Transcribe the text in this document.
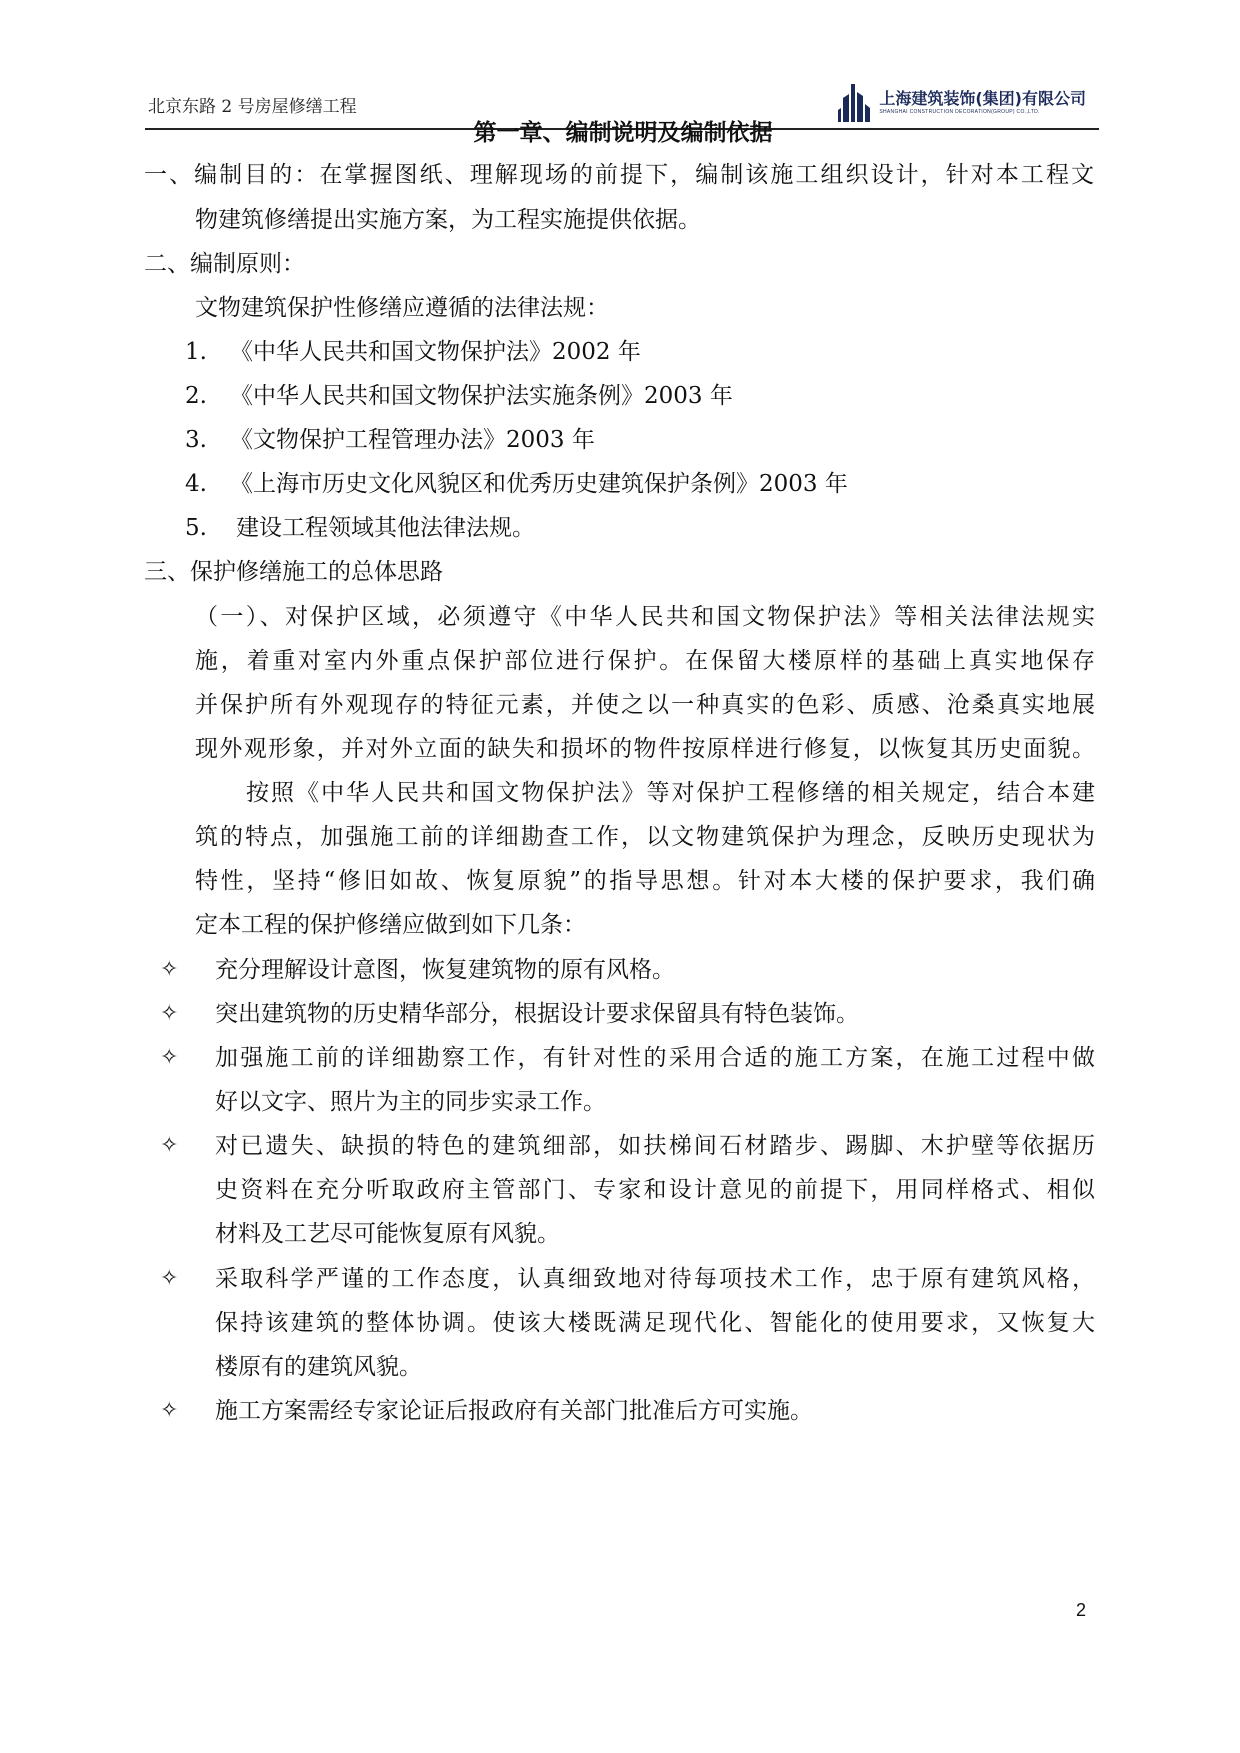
北京东路 2 号房屋修缮工程	上海建筑装饰(集团)有限公司
SHANGHAI CONSTRUCTION DECORATION(GROUP) CO.,LTD.
第一章、编制说明及编制依据
一、编制目的：在掌握图纸、理解现场的前提下，编制该施工组织设计，针对本工程文
物建筑修缮提出实施方案，为工程实施提供依据。
二、编制原则：
文物建筑保护性修缮应遵循的法律法规：
1. 《中华人民共和国文物保护法》2002 年
2. 《中华人民共和国文物保护法实施条例》2003 年
3. 《文物保护工程管理办法》2003 年
4. 《上海市历史文化风貌区和优秀历史建筑保护条例》2003 年
5. 建设工程领域其他法律法规。
三、保护修缮施工的总体思路
（一）、对保护区域，必须遵守《中华人民共和国文物保护法》等相关法律法规实
施，着重对室内外重点保护部位进行保护。在保留大楼原样的基础上真实地保存
并保护所有外观现存的特征元素，并使之以一种真实的色彩、质感、沧桑真实地展
现外观形象，并对外立面的缺失和损坏的物件按原样进行修复，以恢复其历史面貌。
按照《中华人民共和国文物保护法》等对保护工程修缮的相关规定，结合本建
筑的特点，加强施工前的详细勘查工作，以文物建筑保护为理念，反映历史现状为
特性，坚持“修旧如故、恢复原貌”的指导思想。针对本大楼的保护要求，我们确
定本工程的保护修缮应做到如下几条：
✧ 充分理解设计意图，恢复建筑物的原有风格。
✧ 突出建筑物的历史精华部分，根据设计要求保留具有特色装饰。
✧ 加强施工前的详细勘察工作，有针对性的采用合适的施工方案，在施工过程中做
好以文字、照片为主的同步实录工作。
✧ 对已遗失、缺损的特色的建筑细部，如扶梯间石材踏步、踢脚、木护壁等依据历
史资料在充分听取政府主管部门、专家和设计意见的前提下，用同样格式、相似
材料及工艺尽可能恢复原有风貌。
✧ 采取科学严谨的工作态度，认真细致地对待每项技术工作，忠于原有建筑风格，
保持该建筑的整体协调。使该大楼既满足现代化、智能化的使用要求，又恢复大
楼原有的建筑风貌。
✧ 施工方案需经专家论证后报政府有关部门批准后方可实施。
2
